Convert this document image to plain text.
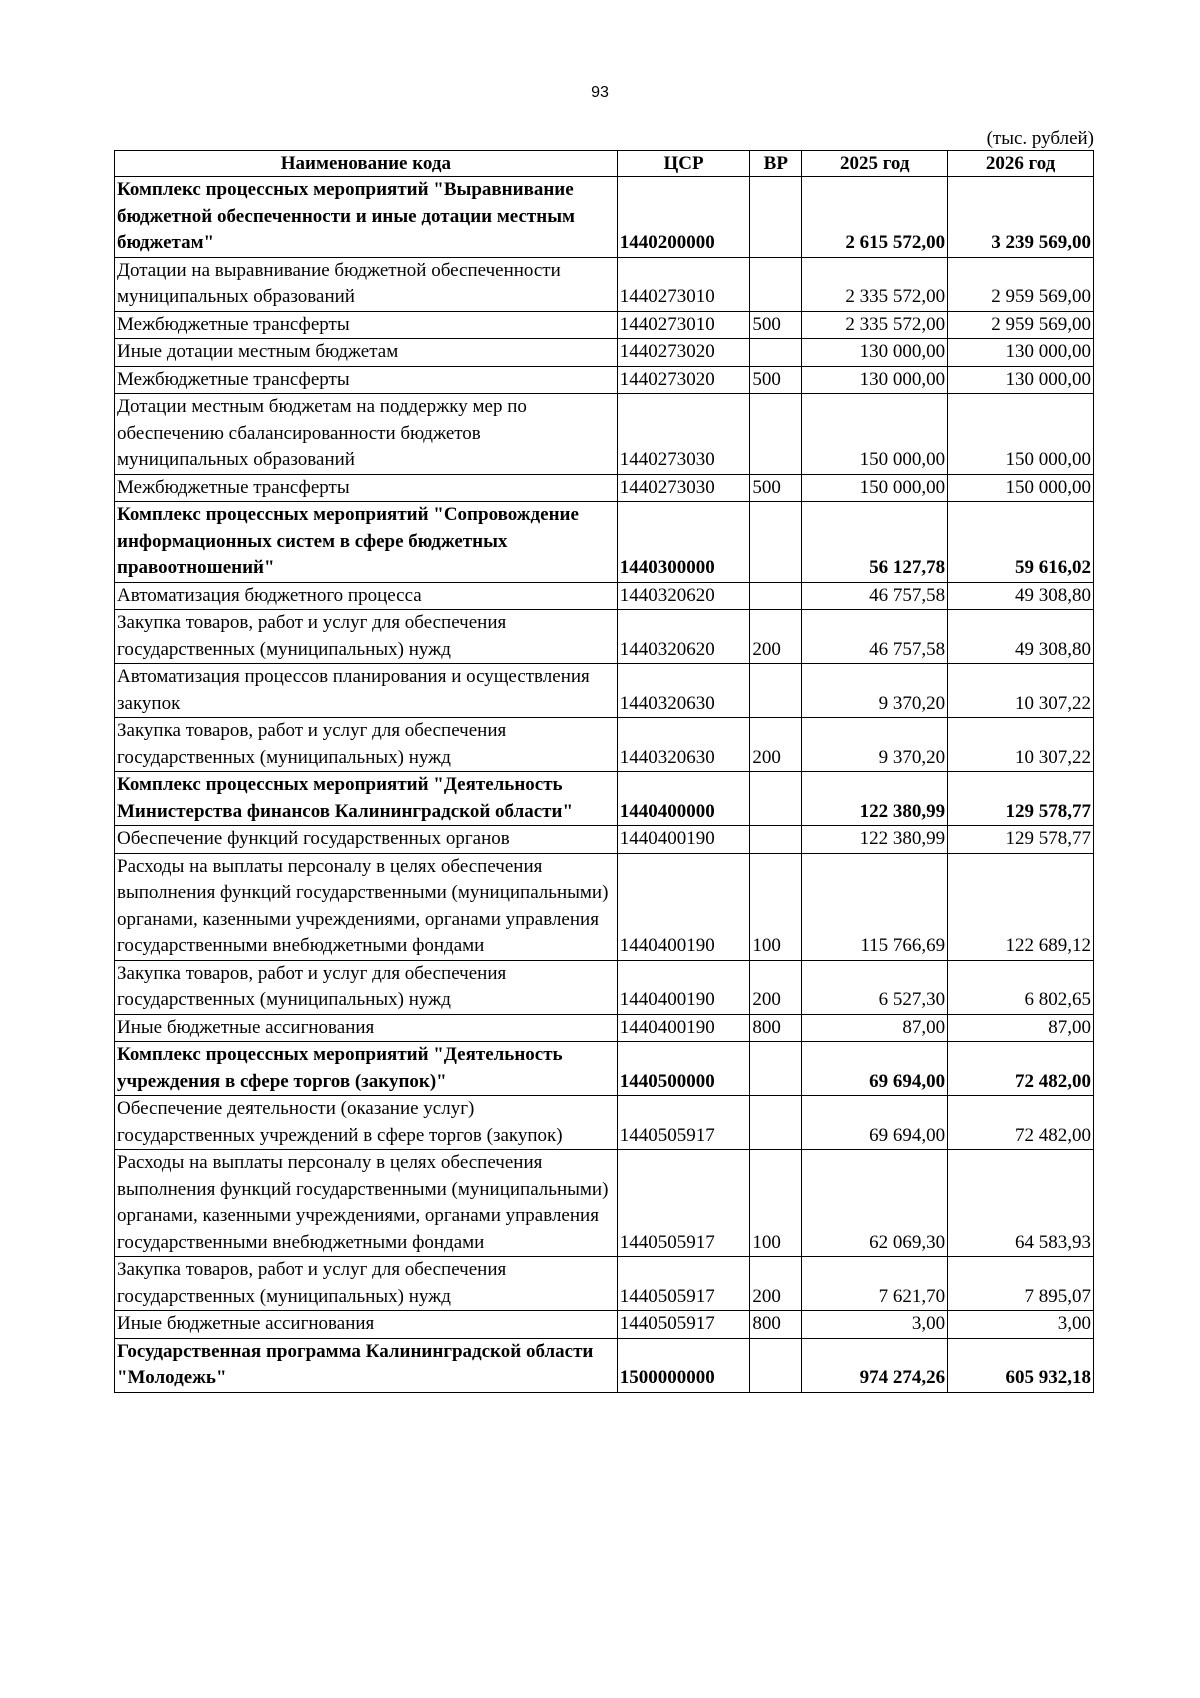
93
(тыс. рублей)
Наименование кода	ЦСР	ВР	2025 год	2026 год
Комплекс процессных мероприятий "Выравнивание бюджетной обеспеченности и иные дотации местным бюджетам"	1440200000		2 615 572,00	3 239 569,00
Дотации на выравнивание бюджетной обеспеченности муниципальных образований	1440273010		2 335 572,00	2 959 569,00
Межбюджетные трансферты	1440273010	500	2 335 572,00	2 959 569,00
Иные дотации местным бюджетам	1440273020		130 000,00	130 000,00
Межбюджетные трансферты	1440273020	500	130 000,00	130 000,00
Дотации местным бюджетам на поддержку мер по обеспечению сбалансированности бюджетов муниципальных образований	1440273030		150 000,00	150 000,00
Межбюджетные трансферты	1440273030	500	150 000,00	150 000,00
Комплекс процессных мероприятий "Сопровождение информационных систем в сфере бюджетных правоотношений"	1440300000		56 127,78	59 616,02
Автоматизация бюджетного процесса	1440320620		46 757,58	49 308,80
Закупка товаров, работ и услуг для обеспечения государственных (муниципальных) нужд	1440320620	200	46 757,58	49 308,80
Автоматизация процессов планирования и осуществления закупок	1440320630		9 370,20	10 307,22
Закупка товаров, работ и услуг для обеспечения государственных (муниципальных) нужд	1440320630	200	9 370,20	10 307,22
Комплекс процессных мероприятий "Деятельность Министерства финансов Калининградской области"	1440400000		122 380,99	129 578,77
Обеспечение функций государственных органов	1440400190		122 380,99	129 578,77
Расходы на выплаты персоналу в целях обеспечения выполнения функций государственными (муниципальными) органами, казенными учреждениями, органами управления государственными внебюджетными фондами	1440400190	100	115 766,69	122 689,12
Закупка товаров, работ и услуг для обеспечения государственных (муниципальных) нужд	1440400190	200	6 527,30	6 802,65
Иные бюджетные ассигнования	1440400190	800	87,00	87,00
Комплекс процессных мероприятий "Деятельность учреждения в сфере торгов (закупок)"	1440500000		69 694,00	72 482,00
Обеспечение деятельности (оказание услуг) государственных учреждений в сфере торгов (закупок)	1440505917		69 694,00	72 482,00
Расходы на выплаты персоналу в целях обеспечения выполнения функций государственными (муниципальными) органами, казенными учреждениями, органами управления государственными внебюджетными фондами	1440505917	100	62 069,30	64 583,93
Закупка товаров, работ и услуг для обеспечения государственных (муниципальных) нужд	1440505917	200	7 621,70	7 895,07
Иные бюджетные ассигнования	1440505917	800	3,00	3,00
Государственная программа Калининградской области "Молодежь"	1500000000		974 274,26	605 932,18
